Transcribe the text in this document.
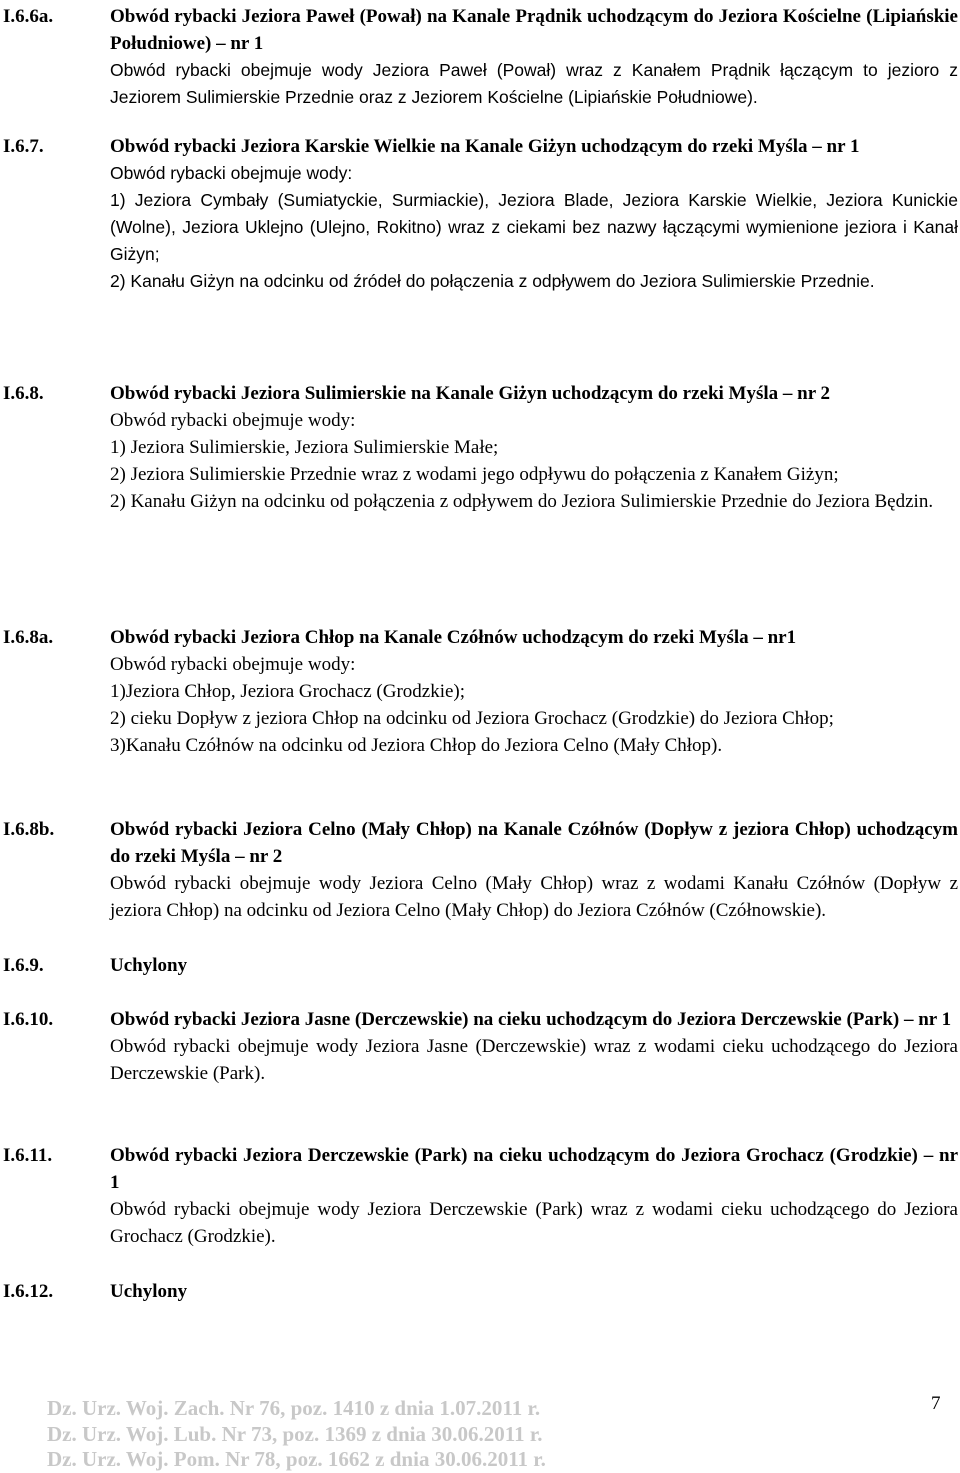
I.6.6a.	Obwód rybacki Jeziora Paweł (Pował) na Kanale Prądnik uchodzącym do Jeziora Kościelne (Lipiańskie Południowe) – nr 1
Obwód rybacki obejmuje wody Jeziora Paweł (Pował) wraz z Kanałem Prądnik łączącym to jezioro z Jeziorem Sulimierskie Przednie oraz z Jeziorem Kościelne (Lipiańskie Południowe).
I.6.7.	Obwód rybacki Jeziora Karskie Wielkie na Kanale Giżyn uchodzącym do rzeki Myśla – nr 1
Obwód rybacki obejmuje wody:
1) Jeziora Cymbały (Sumiatyckie, Surmiackie), Jeziora Blade, Jeziora Karskie Wielkie, Jeziora Kunickie (Wolne), Jeziora Uklejno (Ulejno, Rokitno) wraz z ciekami bez nazwy łączącymi wymienione jeziora i Kanał Giżyn;
2) Kanału Giżyn na odcinku od źródeł do połączenia z odpływem do Jeziora Sulimierskie Przednie.
I.6.8.	Obwód rybacki Jeziora Sulimierskie na Kanale Giżyn uchodzącym do rzeki Myśla – nr 2
Obwód rybacki obejmuje wody:
1) Jeziora Sulimierskie, Jeziora Sulimierskie Małe;
2) Jeziora Sulimierskie Przednie wraz z wodami jego odpływu do połączenia z Kanałem Giżyn;
2) Kanału Giżyn na odcinku od połączenia z odpływem do Jeziora Sulimierskie Przednie do Jeziora Będzin.
I.6.8a.	Obwód rybacki Jeziora Chłop na Kanale Czółnów uchodzącym do rzeki Myśla – nr1
Obwód rybacki obejmuje wody:
1)Jeziora Chłop, Jeziora Grochacz (Grodzkie);
2) cieku Dopływ z jeziora Chłop na odcinku od Jeziora Grochacz (Grodzkie) do Jeziora Chłop;
3)Kanału Czółnów na odcinku od Jeziora Chłop do Jeziora Celno (Mały Chłop).
I.6.8b.	Obwód rybacki Jeziora Celno (Mały Chłop) na Kanale Czółnów (Dopływ z jeziora Chłop) uchodzącym do rzeki Myśla – nr 2
Obwód rybacki obejmuje wody Jeziora Celno (Mały Chłop) wraz z wodami Kanału Czółnów (Dopływ z jeziora Chłop) na odcinku od Jeziora Celno (Mały Chłop) do Jeziora Czółnów (Czółnowskie).
I.6.9.	Uchylony
I.6.10.	Obwód rybacki Jeziora Jasne (Derczewskie) na cieku uchodzącym do Jeziora Derczewskie (Park) – nr 1
Obwód rybacki obejmuje wody Jeziora Jasne (Derczewskie) wraz z wodami cieku uchodzącego do Jeziora Derczewskie (Park).
I.6.11.	Obwód rybacki Jeziora Derczewskie (Park) na cieku uchodzącym do Jeziora Grochacz (Grodzkie) – nr 1
Obwód rybacki obejmuje wody Jeziora Derczewskie (Park) wraz z wodami cieku uchodzącego do Jeziora Grochacz (Grodzkie).
I.6.12.	Uchylony
Dz. Urz. Woj. Zach. Nr 76, poz. 1410 z dnia 1.07.2011 r.
Dz. Urz. Woj. Lub. Nr 73, poz. 1369 z dnia 30.06.2011 r.
Dz. Urz. Woj. Pom. Nr 78, poz. 1662 z dnia 30.06.2011 r.
7
